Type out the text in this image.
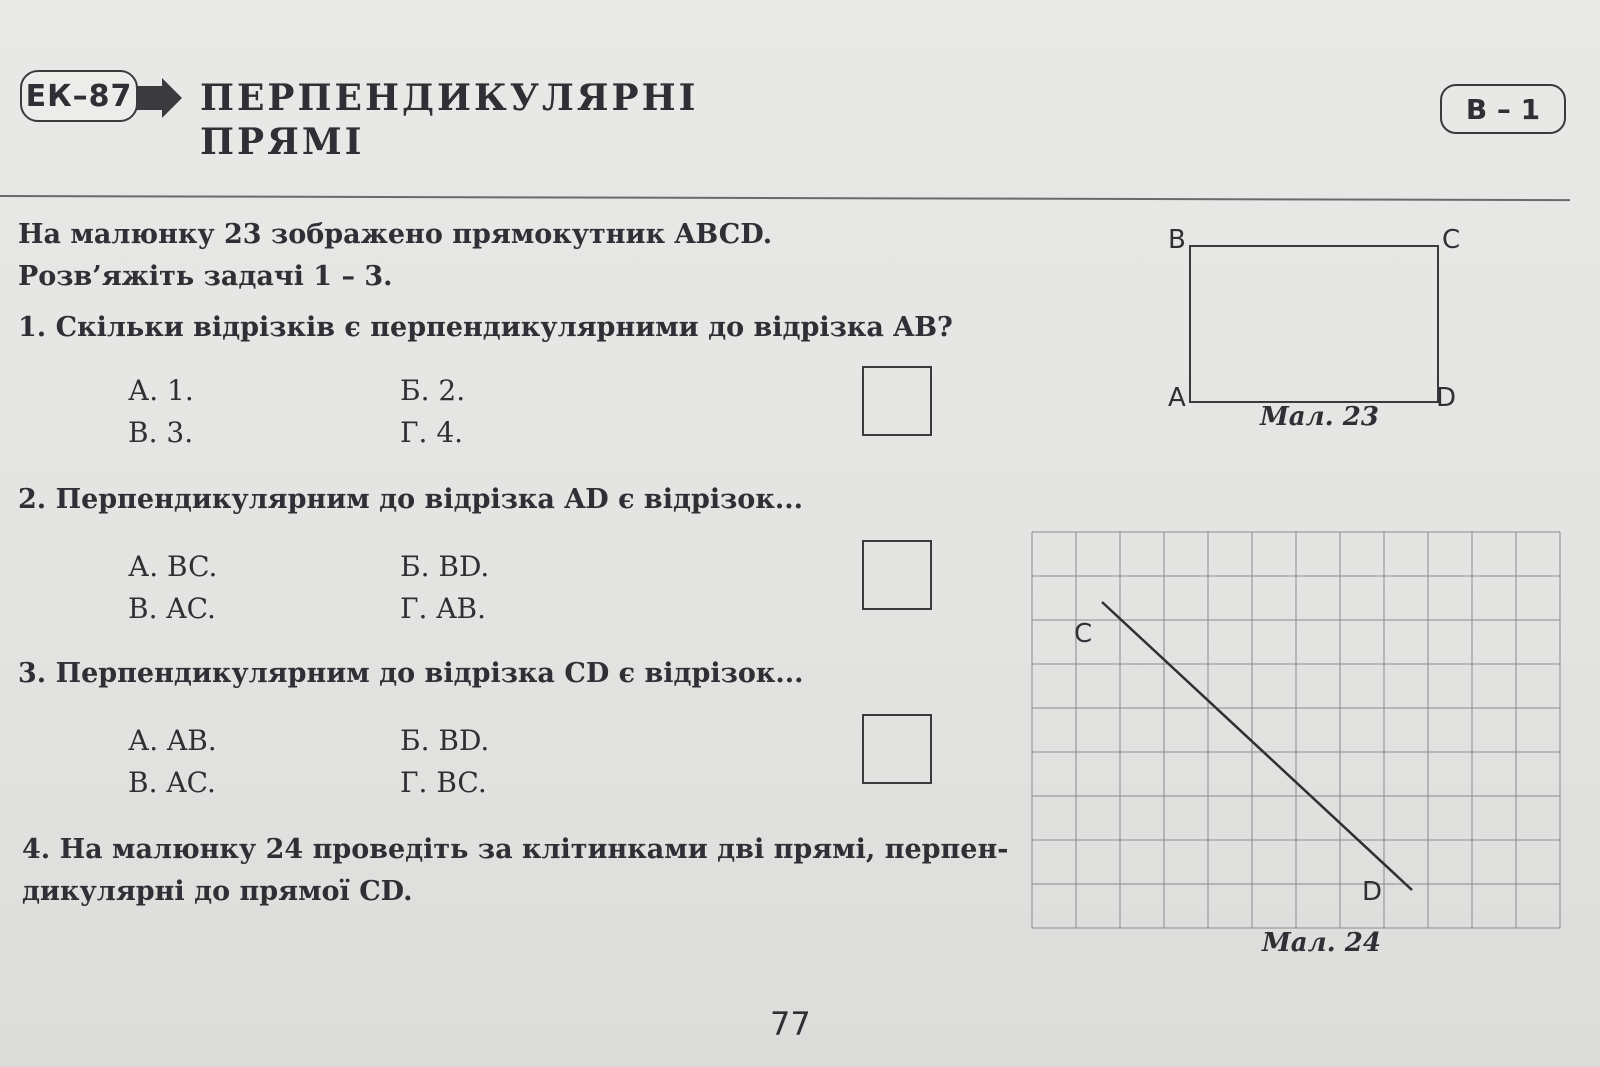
ЕК–87 ПЕРПЕНДИКУЛЯРНІ
ПРЯМІ
В – 1
На малюнку 23 зображено прямокутник ABCD.
Розв’яжіть задачі 1 – 3.
1. Скільки відрізків є перпендикулярними до відрізка AB?
А. 1.	Б. 2.
В. 3.	Г. 4.
2. Перпендикулярним до відрізка AD є відрізок...
А. BC.	Б. BD.
В. AC.	Г. AB.
3. Перпендикулярним до відрізка CD є відрізок...
А. AB.	Б. BD.
В. AC.	Г. BC.
4. На малюнку 24 проведіть за клітинками дві прямі, перпен-
дикулярні до прямої CD.
B	C
A	D
Мал. 23
C
D
Мал. 24
77
